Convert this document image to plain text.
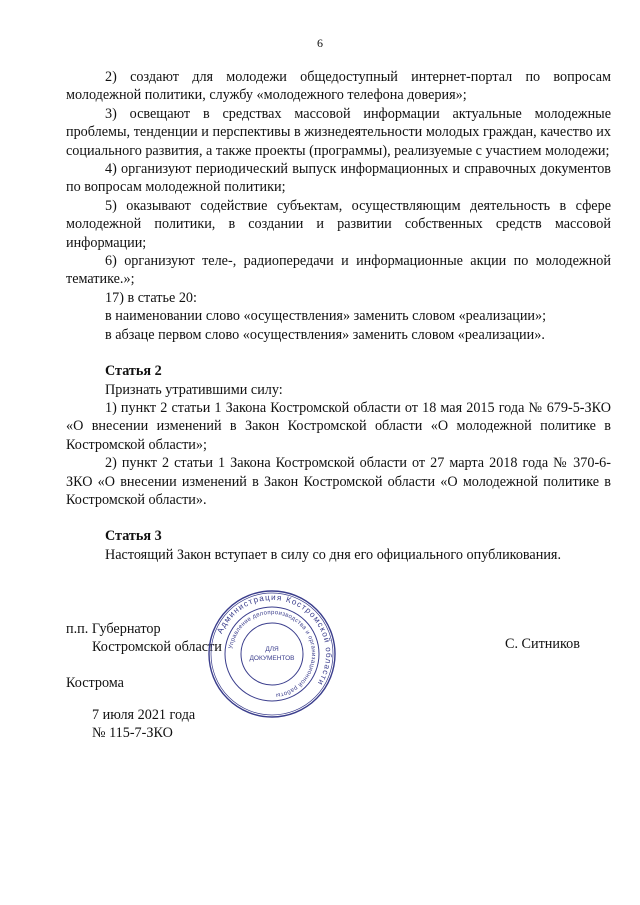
6

2) создают для молодежи общедоступный интернет-портал по вопросам молодежной политики, службу «молодежного телефона доверия»;

3) освещают в средствах массовой информации актуальные молодежные проблемы, тенденции и перспективы в жизнедеятельности молодых граждан, качество их социального развития, а также проекты (программы), реализуемые с участием молодежи;

4) организуют периодический выпуск информационных и справочных документов по вопросам молодежной политики;

5) оказывают содействие субъектам, осуществляющим деятельность в сфере молодежной политики, в создании и развитии собственных средств массовой информации;

6) организуют теле-, радиопередачи и информационные акции по молодежной тематике.»;

17) в статье 20:

в наименовании слово «осуществления» заменить словом «реализации»;

в абзаце первом слово «осуществления» заменить словом «реализации».

Статья 2

Признать утратившими силу:

1) пункт 2 статьи 1 Закона Костромской области от 18 мая 2015 года № 679-5-ЗКО «О внесении изменений в Закон Костромской области «О молодежной политике в Костромской области»;

2) пункт 2 статьи 1 Закона Костромской области от 27 марта 2018 года № 370-6-ЗКО «О внесении изменений в Закон Костромской области «О молодежной политике в Костромской области».

Статья 3

Настоящий Закон вступает в силу со дня его официального опубликования.

п.п. Губернатор
Костромской области	С. Ситников
Кострома
7 июля 2021 года
№ 115-7-ЗКО
Администрация Костромской области
Управление делопроизводства и организационной работы
ДЛЯ
ДОКУМЕНТОВ
